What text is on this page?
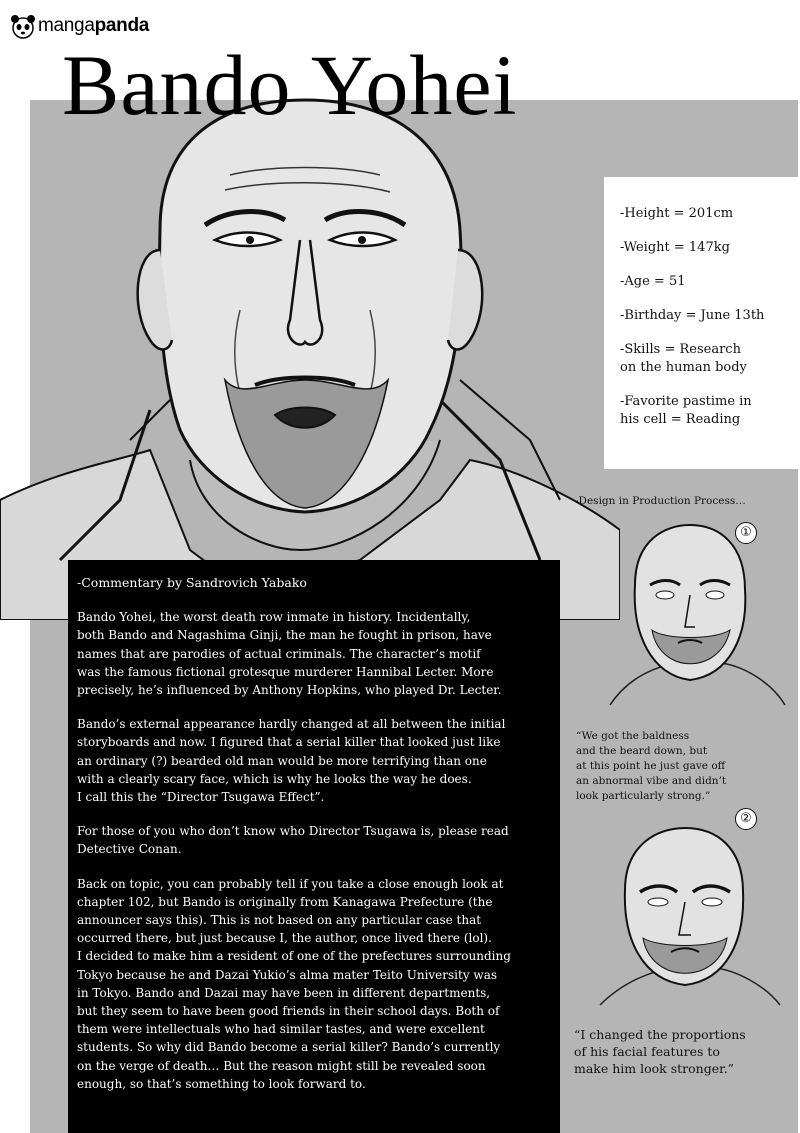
mangapanda
Bando Yohei
-Height = 201cm
-Weight = 147kg
-Age = 51
-Birthday = June 13th
-Skills = Research
on the human body
-Favorite pastime in
his cell = Reading
-Design in Production Process…
①
“We got the baldness
and the beard down, but
at this point he just gave off
an abnormal vibe and didn’t
look particularly strong.”
②
“I changed the proportions
of his facial features to
make him look stronger.”
-Commentary by Sandrovich Yabako
Bando Yohei, the worst death row inmate in history. Incidentally,
both Bando and Nagashima Ginji, the man he fought in prison, have
names that are parodies of actual criminals. The character’s motif
was the famous fictional grotesque murderer Hannibal Lecter. More
precisely, he’s influenced by Anthony Hopkins, who played Dr. Lecter.
Bando’s external appearance hardly changed at all between the initial
storyboards and now. I figured that a serial killer that looked just like
an ordinary (?) bearded old man would be more terrifying than one
with a clearly scary face, which is why he looks the way he does.
I call this the “Director Tsugawa Effect”.
For those of you who don’t know who Director Tsugawa is, please read
Detective Conan.
Back on topic, you can probably tell if you take a close enough look at
chapter 102, but Bando is originally from Kanagawa Prefecture (the
announcer says this). This is not based on any particular case that
occurred there, but just because I, the author, once lived there (lol).
I decided to make him a resident of one of the prefectures surrounding
Tokyo because he and Dazai Yukio’s alma mater Teito University was
in Tokyo. Bando and Dazai may have been in different departments,
but they seem to have been good friends in their school days. Both of
them were intellectuals who had similar tastes, and were excellent
students. So why did Bando become a serial killer? Bando’s currently
on the verge of death… But the reason might still be revealed soon
enough, so that’s something to look forward to.
